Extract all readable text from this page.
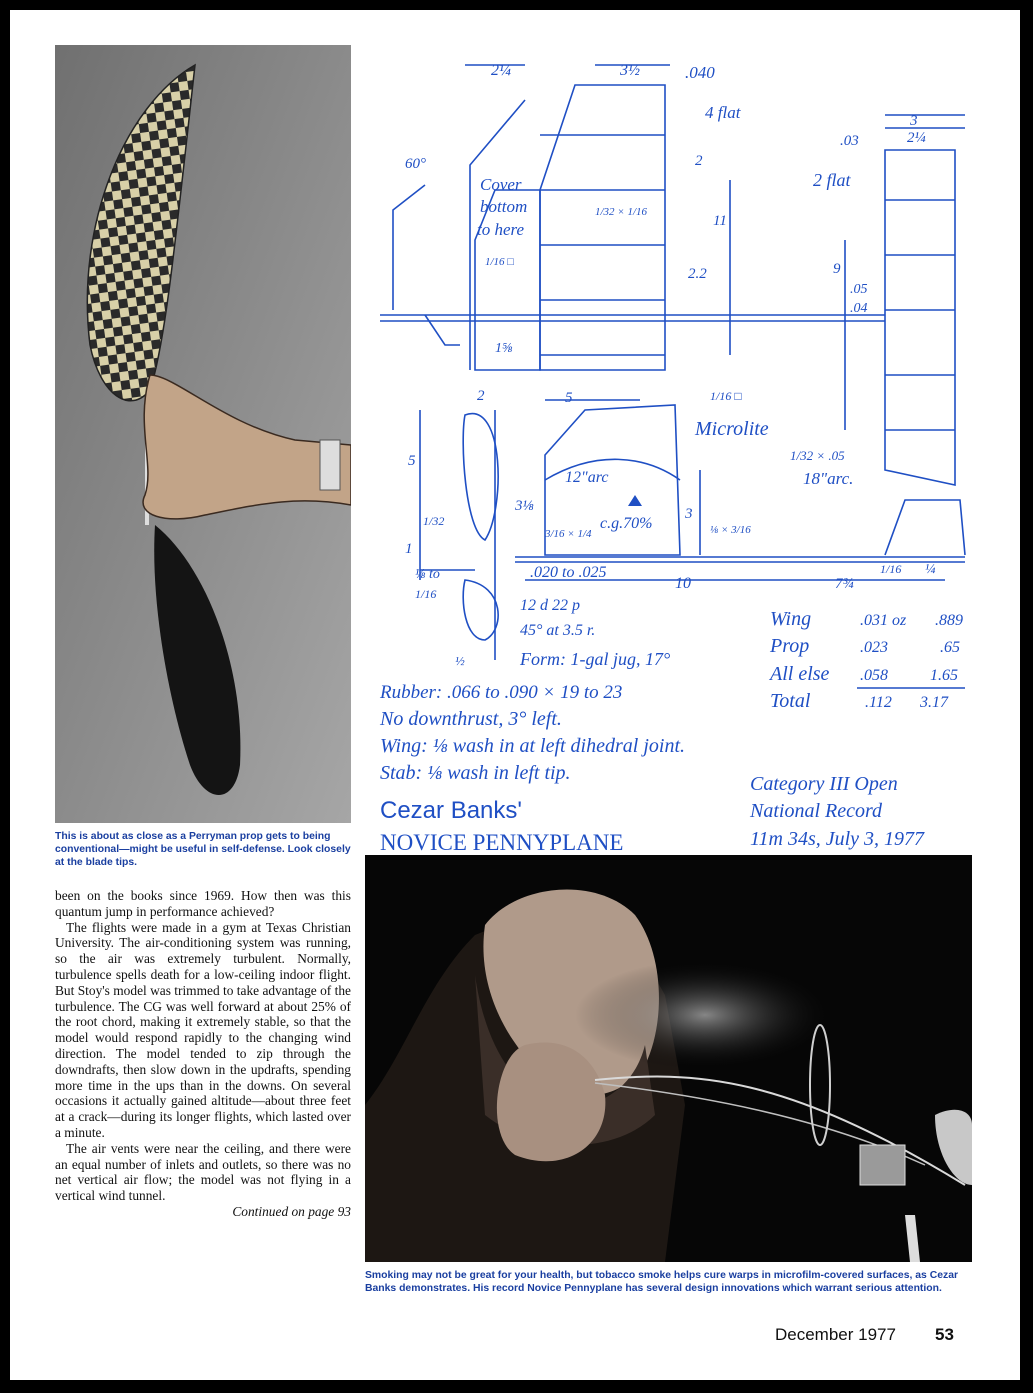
This is about as close as a Perryman prop gets to being conventional—might be useful in self-defense. Look closely at the blade tips.

been on the books since 1969. How then was this quantum jump in performance achieved?

The flights were made in a gym at Texas Christian University. The air-conditioning system was running, so the air was extremely turbulent. Normally, turbulence spells death for a low-ceiling indoor flight. But Stoy's model was trimmed to take advantage of the turbulence. The CG was well forward at about 25% of the root chord, making it extremely stable, so that the model would respond rapidly to the changing wind direction. The model tended to zip through the downdrafts, then slow down in the updrafts, spending more time in the ups than in the downs. On several occasions it actually gained altitude—about three feet at a crack—during its longer flights, which lasted over a minute.

The air vents were near the ceiling, and there were an equal number of inlets and outlets, so there was no net vertical air flow; the model was not flying in a vertical wind tunnel.

Continued on page 93
2¼	3½	.040
4 flat
60°	2
11
2.2
1⅝
5	1/16 □
3
2¼
.03
2 flat
9
.05
.04
2
5
1/32
3⅛	3
1
10	7¾
1/16 ¼
⅛ to
1/16
½
1/32 × 1/16
1/16 □
3/16 × 1/4	⅛ × 3/16
1/32 × .05
18"arc.
Cover
bottom
to here
Microlite
12"arc
c.g.70%
.020 to .025
12 d 22 p
45° at 3.5 r.
Form: 1-gal jug, 17°
Rubber: .066 to .090 × 19 to 23
No downthrust, 3° left.
Wing: ⅛ wash in at left dihedral joint.
Stab: ⅛ wash in left tip.
Wing	.031 oz .889
Prop	.023	.65
All else .058	1.65
Total	.112 3.17
Category III Open
National Record
11m 34s, July 3, 1977
Cezar Banks'
NOVICE PENNYPLANE
Smoking may not be great for your health, but tobacco smoke helps cure warps in microfilm-covered surfaces, as Cezar Banks demonstrates. His record Novice Pennyplane has several design innovations which warrant serious attention.
December 1977 53
